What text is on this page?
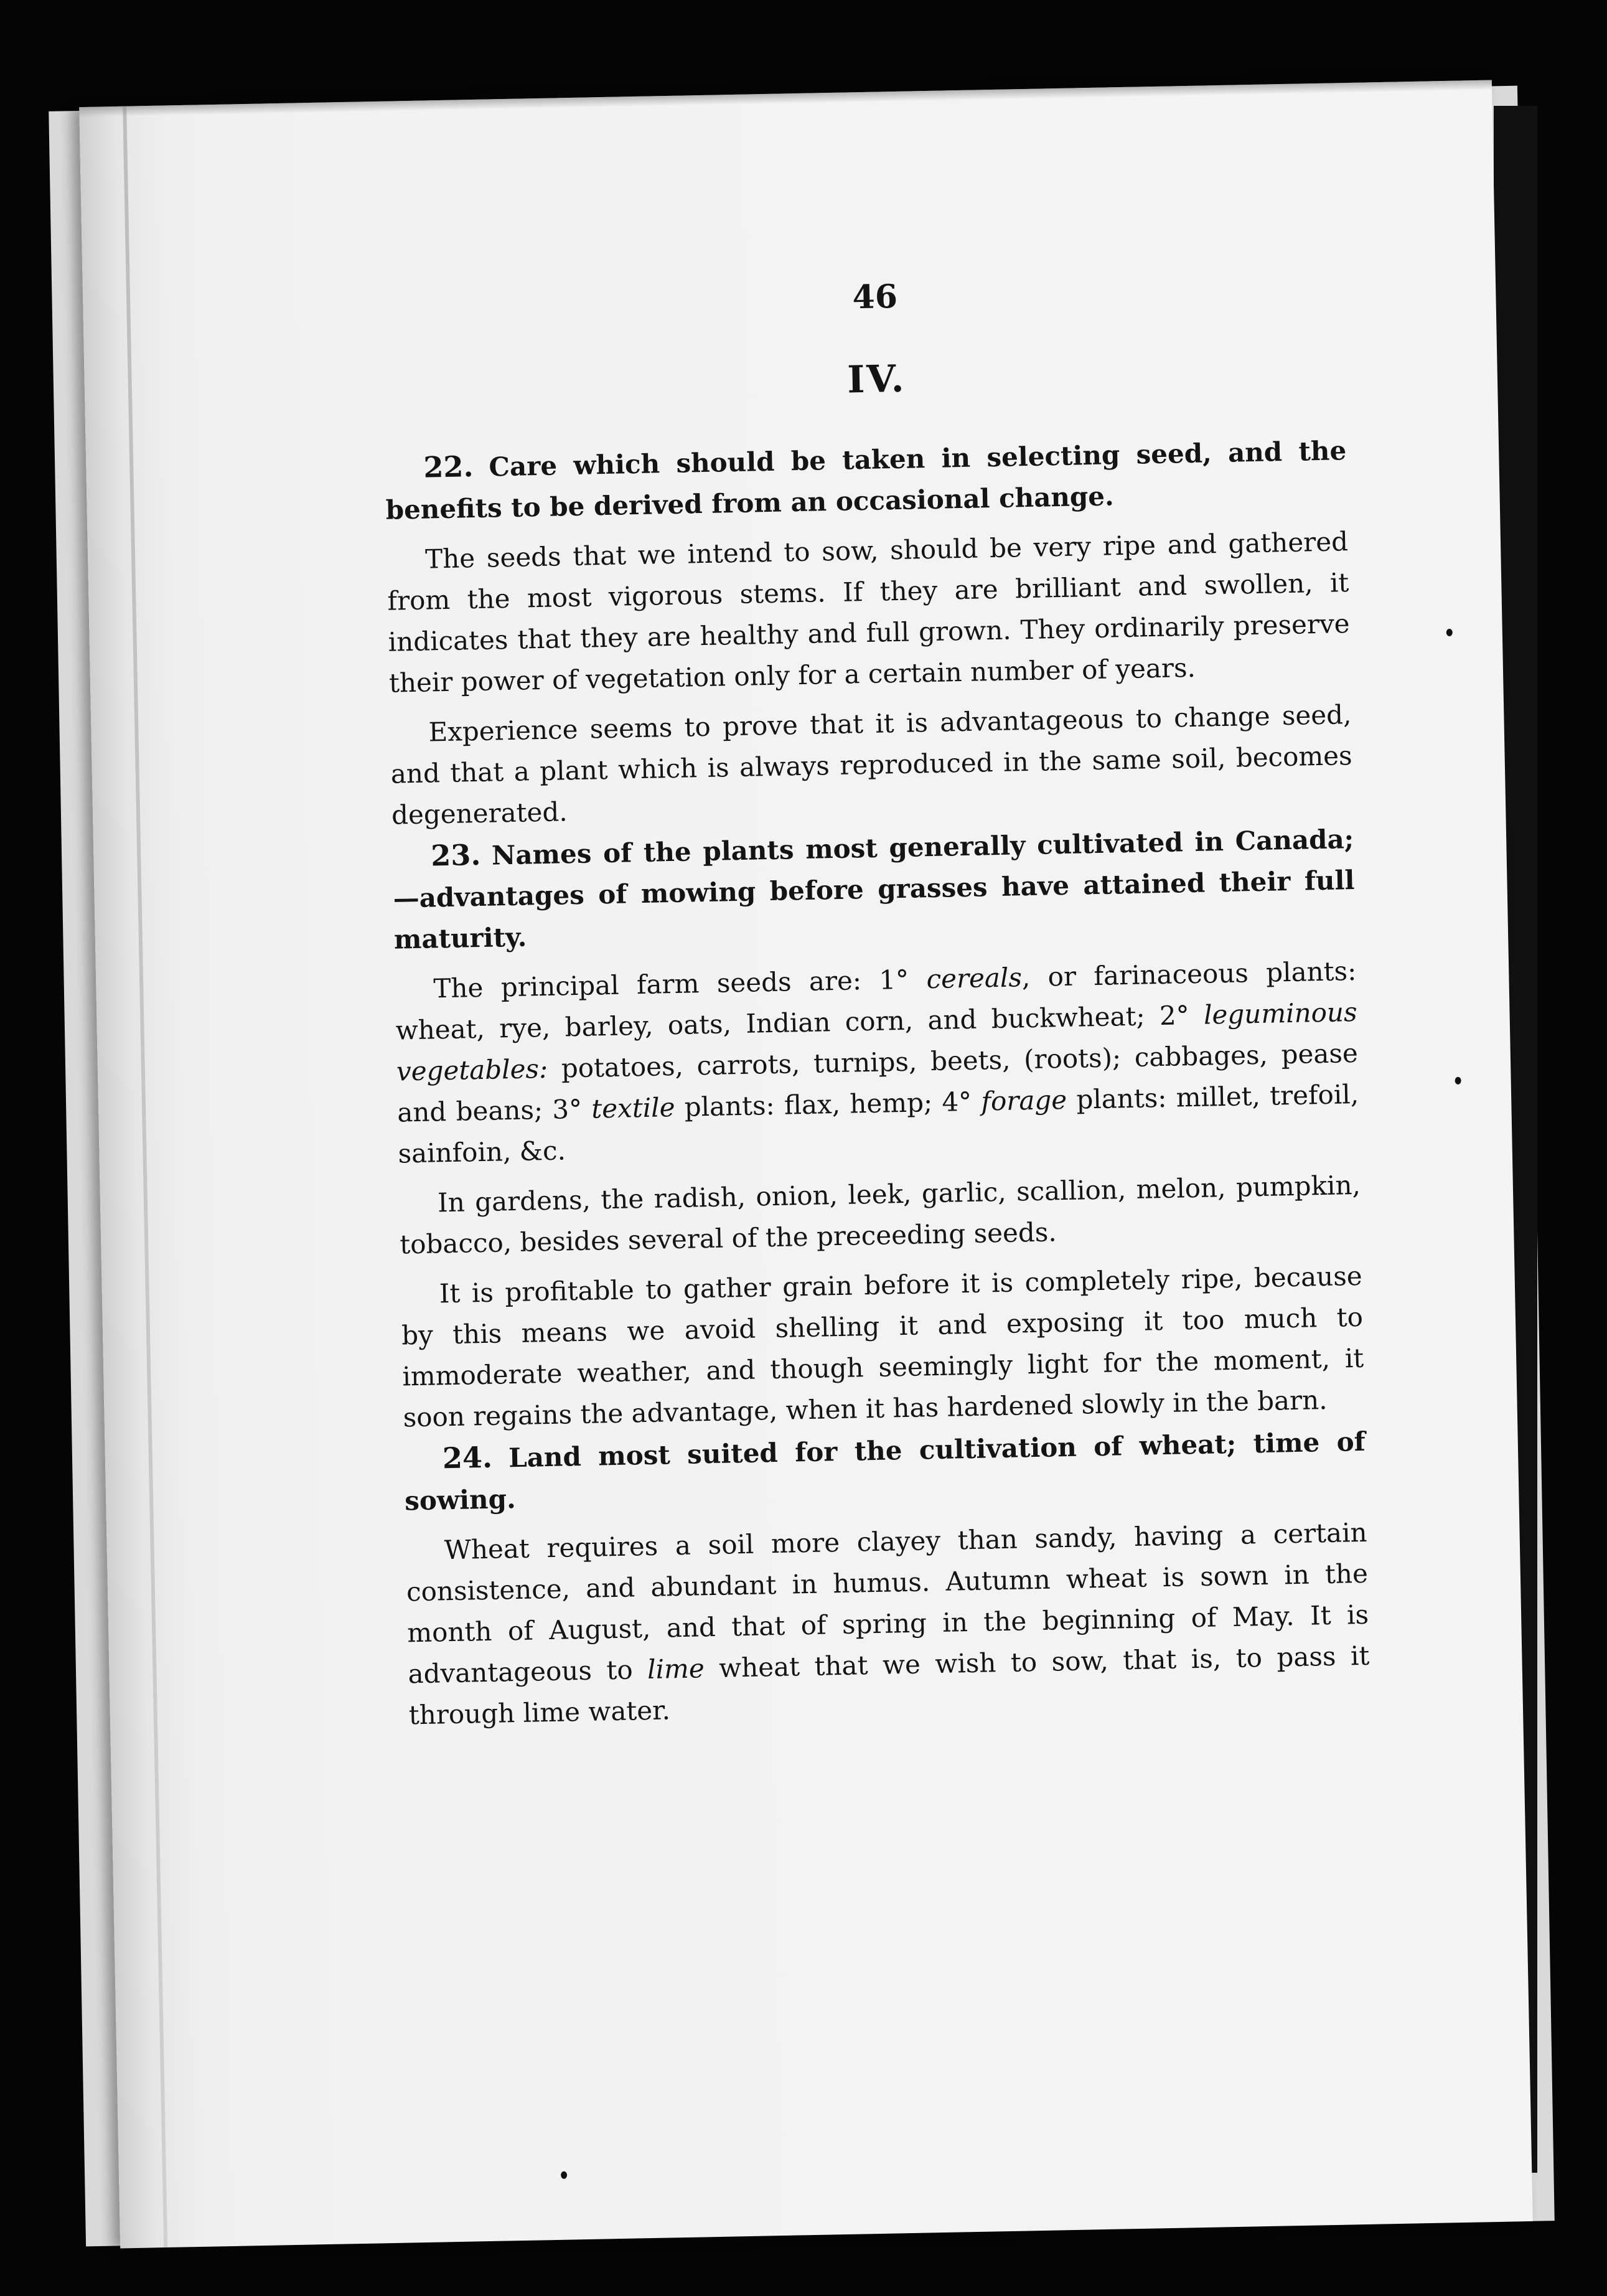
46
IV.

22. Care which should be taken in selecting seed, and the benefits to be derived from an occasional change.

The seeds that we intend to sow, should be very ripe and gathered from the most vigorous stems. If they are brilliant and swollen, it indicates that they are healthy and full grown. They ordinarily preserve their power of vegetation only for a certain number of years.

Experience seems to prove that it is advantageous to change seed, and that a plant which is always reproduced in the same soil, becomes degenerated.

23. Names of the plants most generally cultivated in Canada; —advantages of mowing before grasses have attained their full maturity.

The principal farm seeds are: 1° cereals, or farinaceous plants: wheat, rye, barley, oats, Indian corn, and buckwheat; 2° leguminous vegetables: potatoes, carrots, turnips, beets, (roots); cabbages, pease and beans; 3° textile plants: flax, hemp; 4° forage plants: millet, trefoil, sainfoin, &c.

In gardens, the radish, onion, leek, garlic, scallion, melon, pumpkin, tobacco, besides several of the preceeding seeds.

It is profitable to gather grain before it is completely ripe, because by this means we avoid shelling it and exposing it too much to immoderate weather, and though seemingly light for the moment, it soon regains the advantage, when it has hardened slowly in the barn.

24. Land most suited for the cultivation of wheat; time of sowing.

Wheat requires a soil more clayey than sandy, having a certain consistence, and abundant in humus. Autumn wheat is sown in the month of August, and that of spring in the beginning of May. It is advantageous to lime wheat that we wish to sow, that is, to pass it through lime water.
